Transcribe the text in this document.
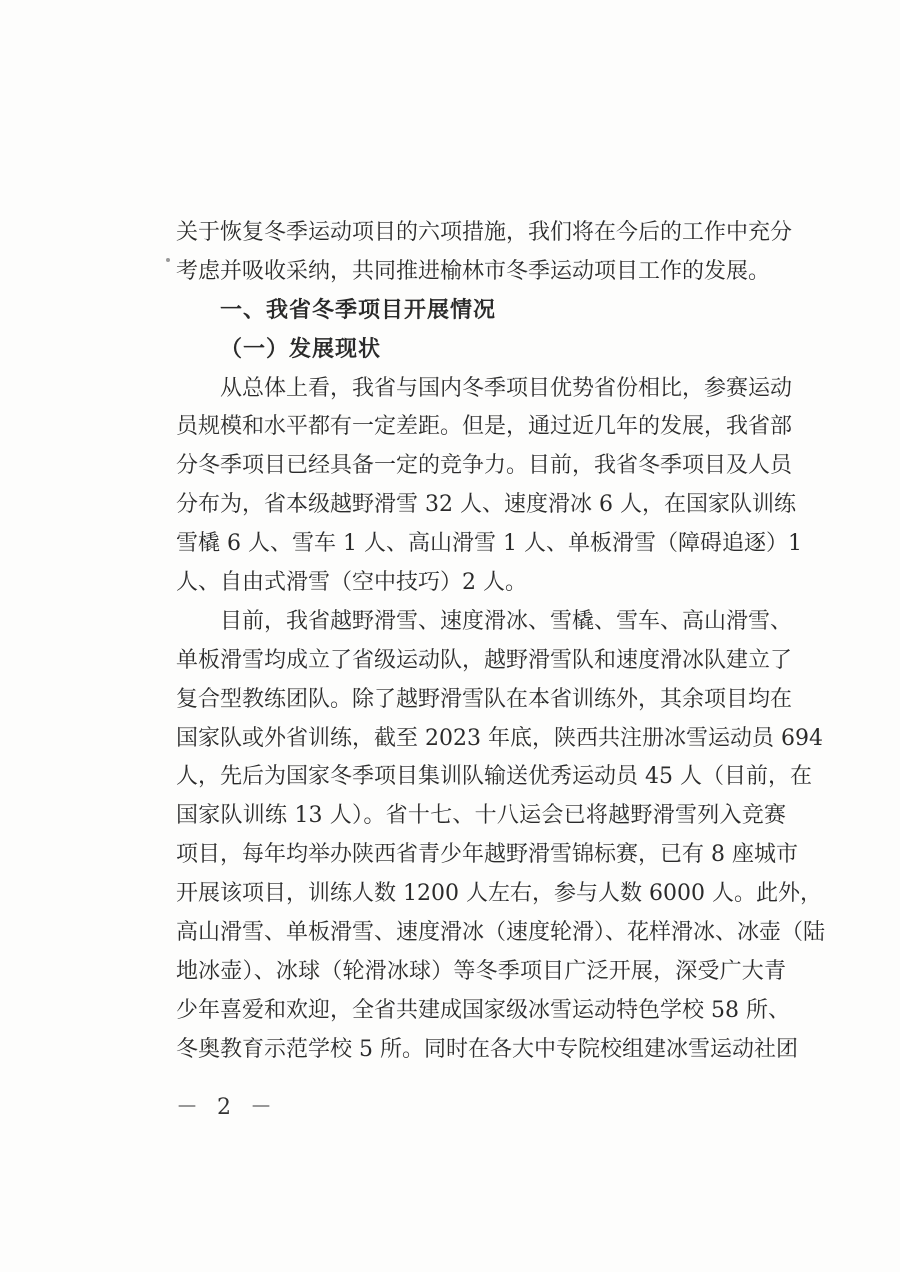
关于恢复冬季运动项目的六项措施，我们将在今后的工作中充分
考虑并吸收采纳，共同推进榆林市冬季运动项目工作的发展。
一、我省冬季项目开展情况
（一）发展现状
从总体上看，我省与国内冬季项目优势省份相比，参赛运动
员规模和水平都有一定差距。但是，通过近几年的发展，我省部
分冬季项目已经具备一定的竞争力。目前，我省冬季项目及人员
分布为，省本级越野滑雪 32 人、速度滑冰 6 人，在国家队训练
雪橇 6 人、雪车 1 人、高山滑雪 1 人、单板滑雪（障碍追逐）1
人、自由式滑雪（空中技巧）2 人。
目前，我省越野滑雪、速度滑冰、雪橇、雪车、高山滑雪、
单板滑雪均成立了省级运动队，越野滑雪队和速度滑冰队建立了
复合型教练团队。除了越野滑雪队在本省训练外，其余项目均在
国家队或外省训练，截至 2023 年底，陕西共注册冰雪运动员 694
人，先后为国家冬季项目集训队输送优秀运动员 45 人（目前，在
国家队训练 13 人）。省十七、十八运会已将越野滑雪列入竞赛
项目，每年均举办陕西省青少年越野滑雪锦标赛，已有 8 座城市
开展该项目，训练人数 1200 人左右，参与人数 6000 人。此外，
高山滑雪、单板滑雪、速度滑冰（速度轮滑）、花样滑冰、冰壶（陆
地冰壶）、冰球（轮滑冰球）等冬季项目广泛开展，深受广大青
少年喜爱和欢迎，全省共建成国家级冰雪运动特色学校 58 所、
冬奥教育示范学校 5 所。同时在各大中专院校组建冰雪运动社团
－ 2 －
